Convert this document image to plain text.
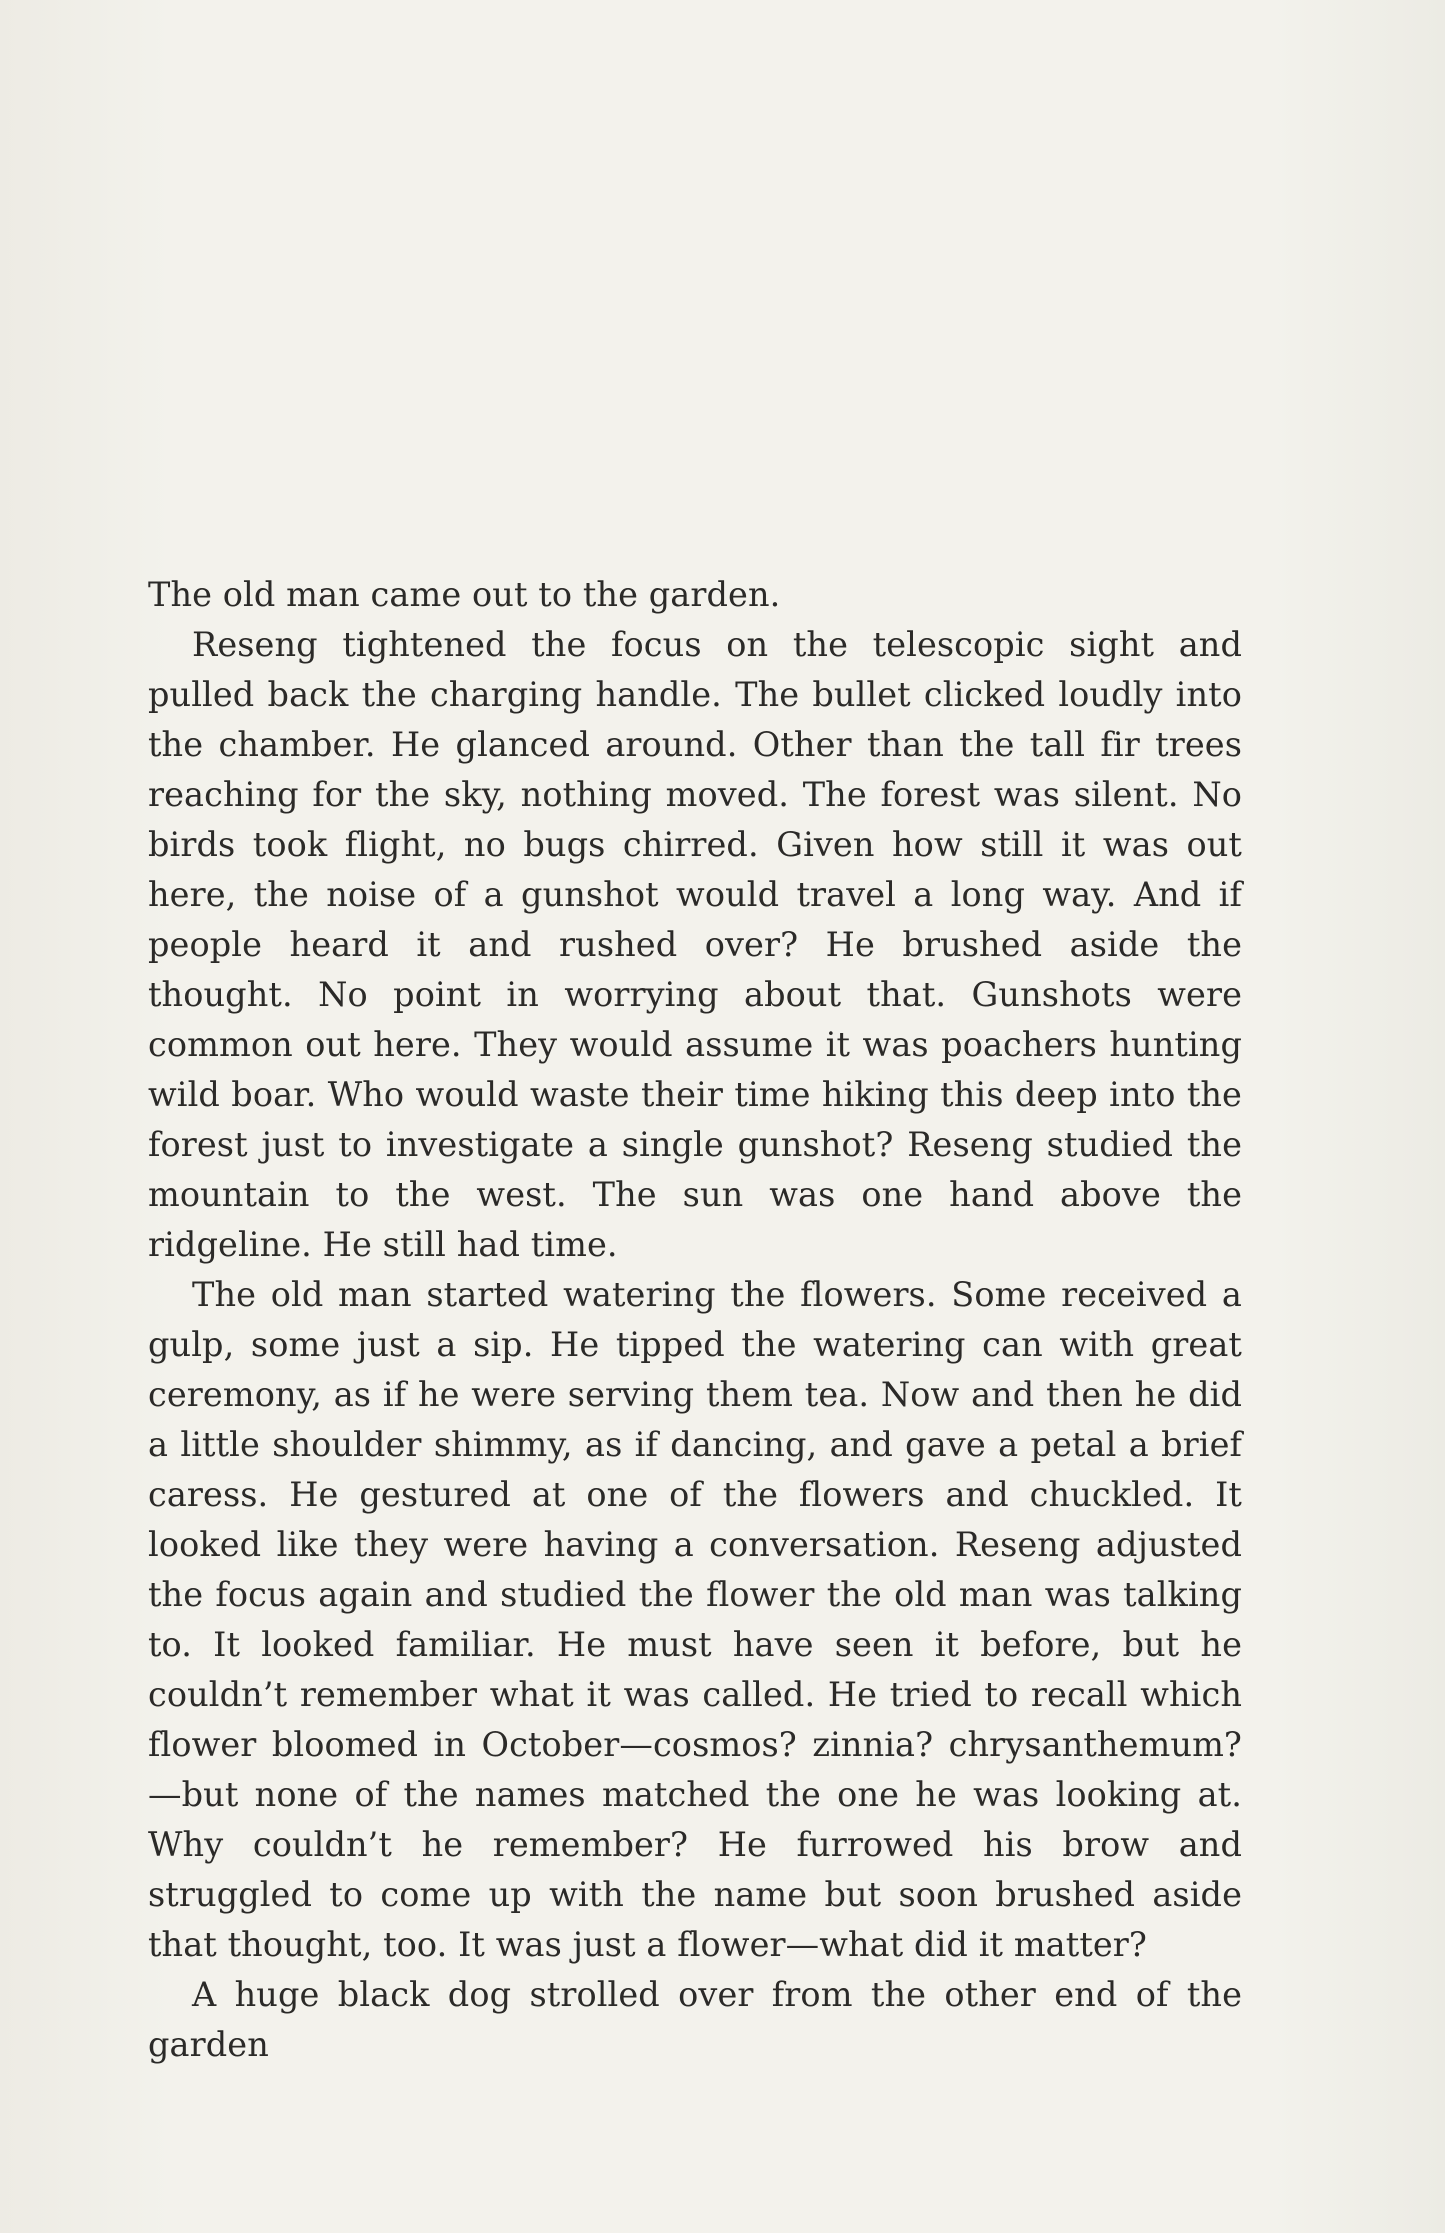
The old man came out to the garden.

Reseng tightened the focus on the telescopic sight and pulled back the charging handle. The bullet clicked loudly into the chamber. He glanced around. Other than the tall fir trees reaching for the sky, nothing moved. The forest was silent. No birds took flight, no bugs chirred. Given how still it was out here, the noise of a gunshot would travel a long way. And if people heard it and rushed over? He brushed aside the thought. No point in worrying about that. Gunshots were common out here. They would assume it was poachers hunting wild boar. Who would waste their time hiking this deep into the forest just to investigate a single gunshot? Reseng studied the mountain to the west. The sun was one hand above the ridgeline. He still had time.

The old man started watering the flowers. Some received a gulp, some just a sip. He tipped the watering can with great ceremony, as if he were serving them tea. Now and then he did a little shoulder shimmy, as if dancing, and gave a petal a brief caress. He gestured at one of the flowers and chuckled. It looked like they were having a conversation. Reseng adjusted the focus again and studied the flower the old man was talking to. It looked familiar. He must have seen it before, but he couldn’t remember what it was called. He tried to recall which flower bloomed in October—cosmos? zinnia? chrysanthemum?—but none of the names matched the one he was looking at. Why couldn’t he remember? He furrowed his brow and struggled to come up with the name but soon brushed aside that thought, too. It was just a flower—what did it matter?

A huge black dog strolled over from the other end of the garden
